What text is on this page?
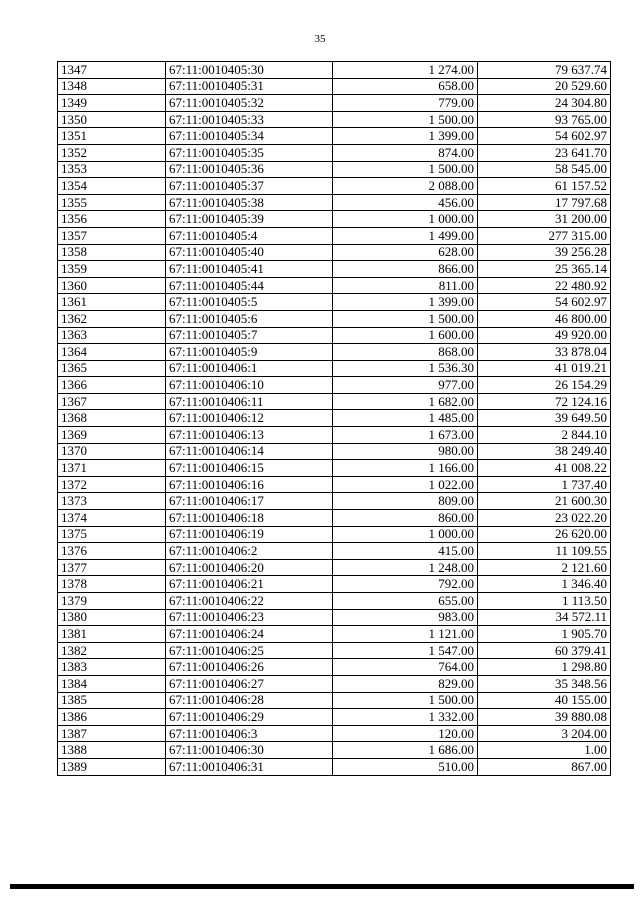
35
1347	67:11:0010405:30	1 274.00	79 637.74
1348	67:11:0010405:31	658.00	20 529.60
1349	67:11:0010405:32	779.00	24 304.80
1350	67:11:0010405:33	1 500.00	93 765.00
1351	67:11:0010405:34	1 399.00	54 602.97
1352	67:11:0010405:35	874.00	23 641.70
1353	67:11:0010405:36	1 500.00	58 545.00
1354	67:11:0010405:37	2 088.00	61 157.52
1355	67:11:0010405:38	456.00	17 797.68
1356	67:11:0010405:39	1 000.00	31 200.00
1357	67:11:0010405:4	1 499.00	277 315.00
1358	67:11:0010405:40	628.00	39 256.28
1359	67:11:0010405:41	866.00	25 365.14
1360	67:11:0010405:44	811.00	22 480.92
1361	67:11:0010405:5	1 399.00	54 602.97
1362	67:11:0010405:6	1 500.00	46 800.00
1363	67:11:0010405:7	1 600.00	49 920.00
1364	67:11:0010405:9	868.00	33 878.04
1365	67:11:0010406:1	1 536.30	41 019.21
1366	67:11:0010406:10	977.00	26 154.29
1367	67:11:0010406:11	1 682.00	72 124.16
1368	67:11:0010406:12	1 485.00	39 649.50
1369	67:11:0010406:13	1 673.00	2 844.10
1370	67:11:0010406:14	980.00	38 249.40
1371	67:11:0010406:15	1 166.00	41 008.22
1372	67:11:0010406:16	1 022.00	1 737.40
1373	67:11:0010406:17	809.00	21 600.30
1374	67:11:0010406:18	860.00	23 022.20
1375	67:11:0010406:19	1 000.00	26 620.00
1376	67:11:0010406:2	415.00	11 109.55
1377	67:11:0010406:20	1 248.00	2 121.60
1378	67:11:0010406:21	792.00	1 346.40
1379	67:11:0010406:22	655.00	1 113.50
1380	67:11:0010406:23	983.00	34 572.11
1381	67:11:0010406:24	1 121.00	1 905.70
1382	67:11:0010406:25	1 547.00	60 379.41
1383	67:11:0010406:26	764.00	1 298.80
1384	67:11:0010406:27	829.00	35 348.56
1385	67:11:0010406:28	1 500.00	40 155.00
1386	67:11:0010406:29	1 332.00	39 880.08
1387	67:11:0010406:3	120.00	3 204.00
1388	67:11:0010406:30	1 686.00	1.00
1389	67:11:0010406:31	510.00	867.00
